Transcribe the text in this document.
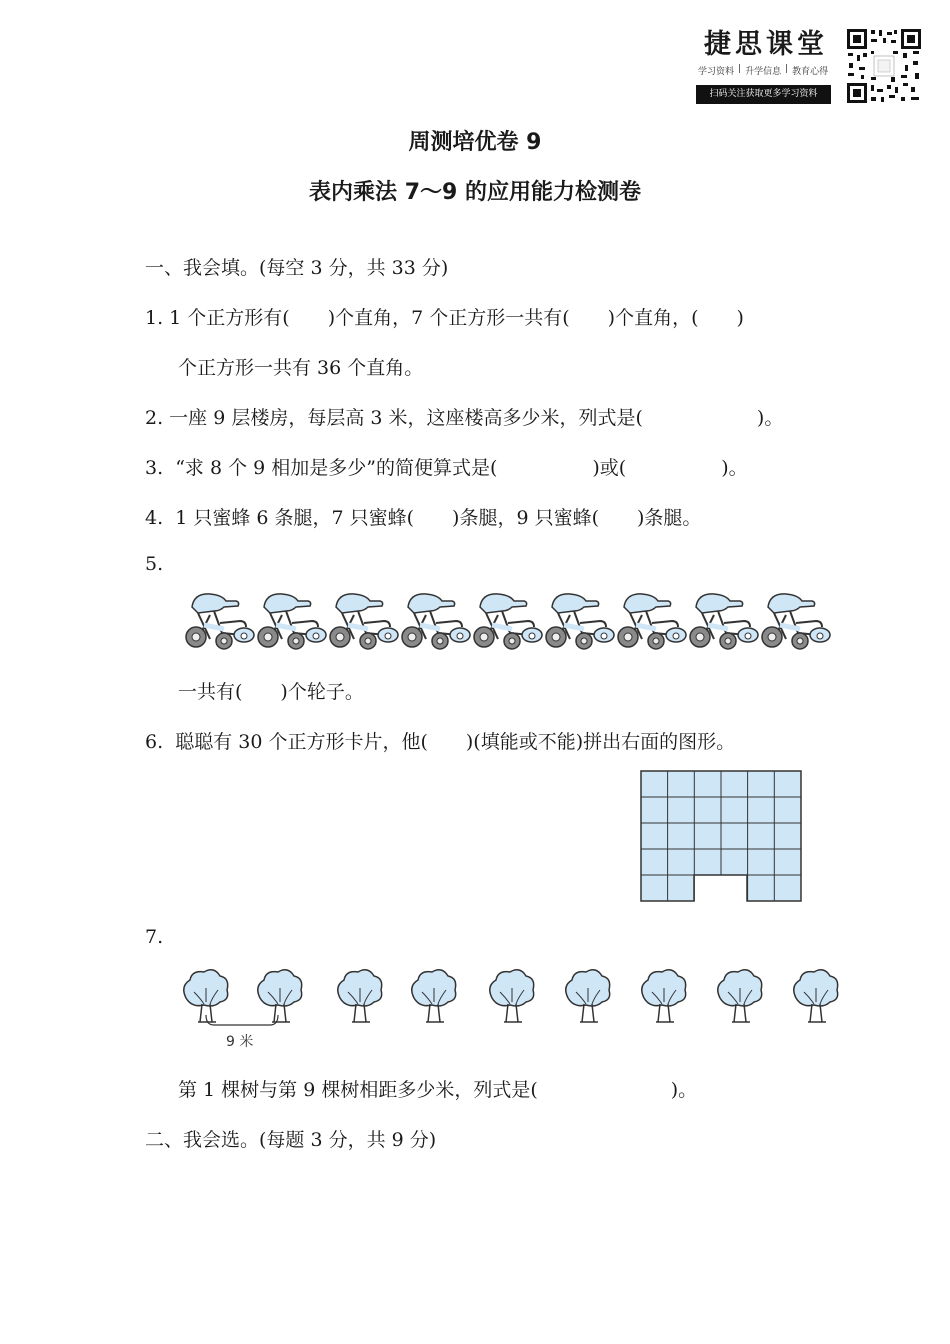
捷思课堂
学习资料 | 升学信息 | 教育心得
扫码关注获取更多学习资料
周测培优卷 9
表内乘法 7～9 的应用能力检测卷
一、我会填。(每空 3 分，共 33 分)
1. 1 个正方形有(　　)个直角，7 个正方形一共有(　　)个直角，(　　)
个正方形一共有 36 个直角。
2. 一座 9 层楼房，每层高 3 米，这座楼高多少米，列式是(　　　　　　)。
3.  “求 8 个 9 相加是多少”的简便算式是(　　　　　)或(　　　　　)。
4.  1 只蜜蜂 6 条腿，7 只蜜蜂(　　)条腿，9 只蜜蜂(　　)条腿。
5.
一共有(　　)个轮子。
6.  聪聪有 30 个正方形卡片，他(　　)(填能或不能)拼出右面的图形。
7.
9 米
第 1 棵树与第 9 棵树相距多少米，列式是(　　　　　　　)。
二、我会选。(每题 3 分，共 9 分)
